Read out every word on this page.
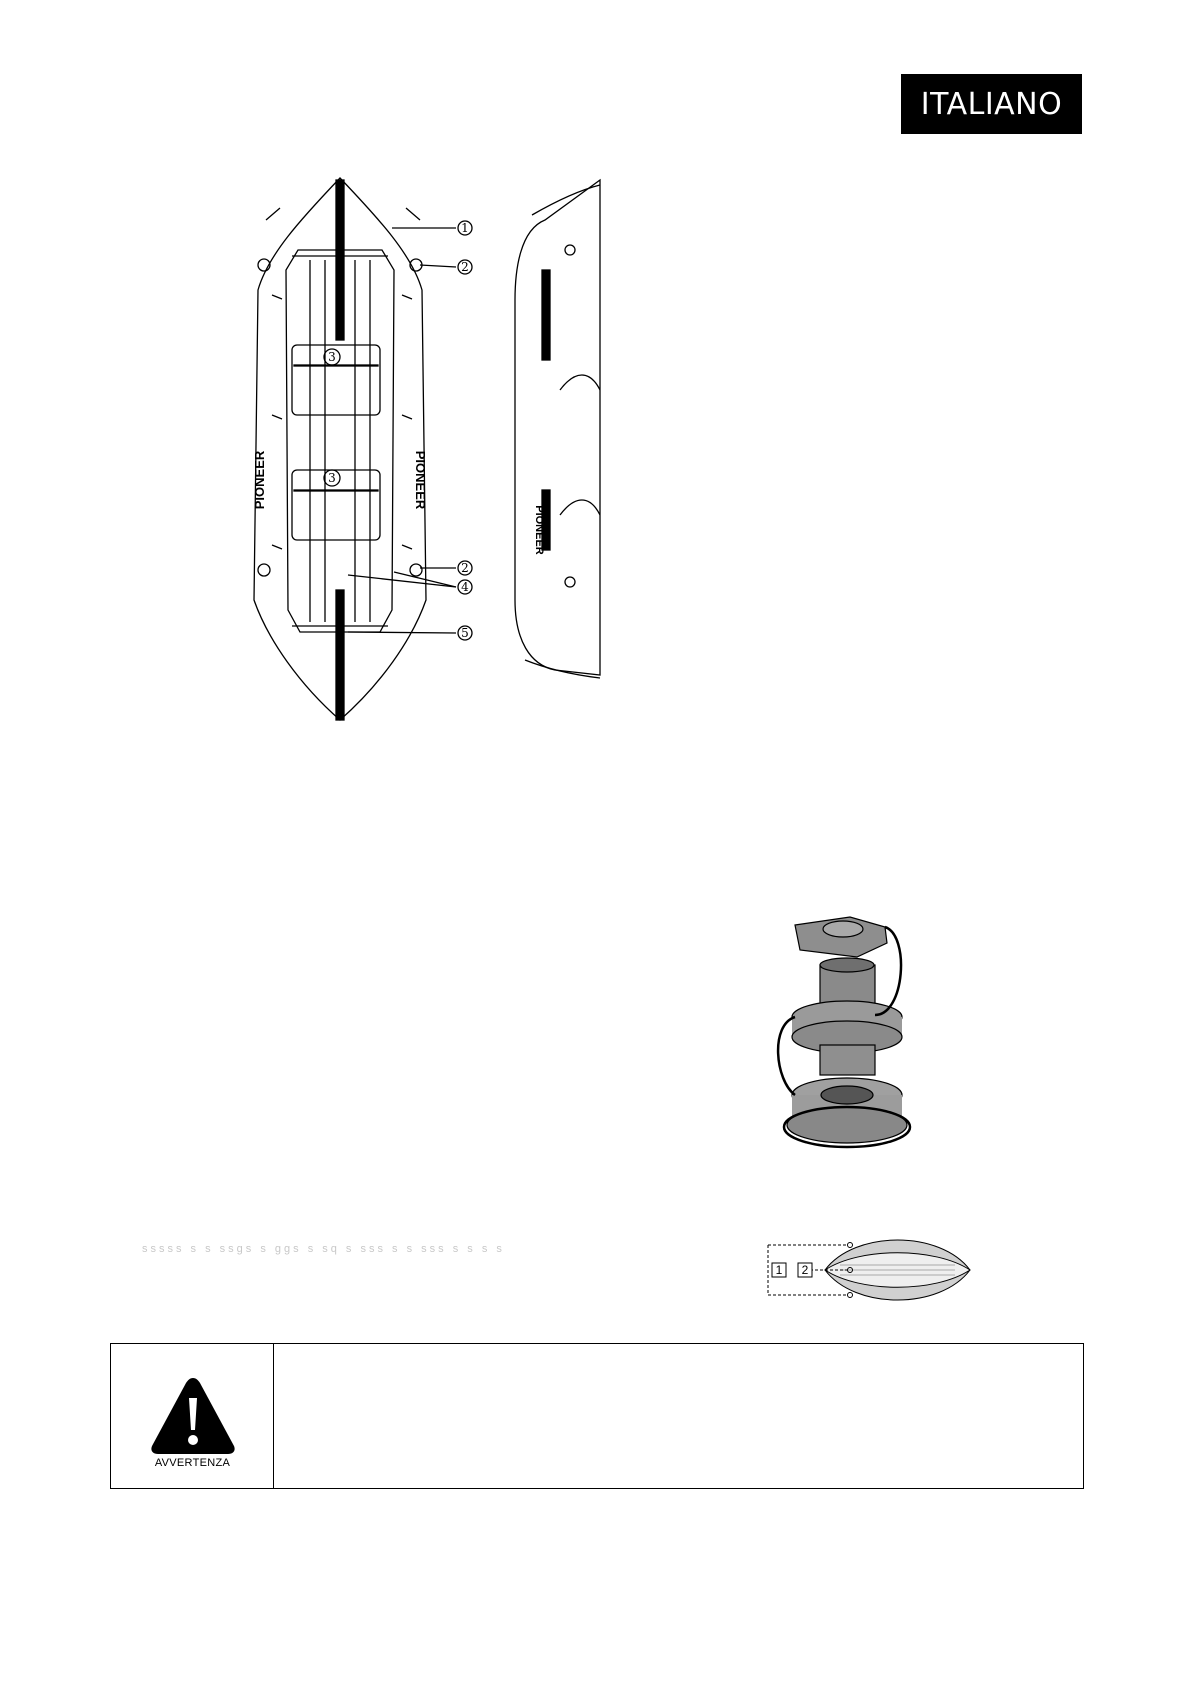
ITALIANO
1
2
3
3
2
4
5
PIONEER	PIONEER
PIONEER
sssss s s ssgs s ggs s sq s sss s s sss s s s s
1 2
AVVERTENZA
